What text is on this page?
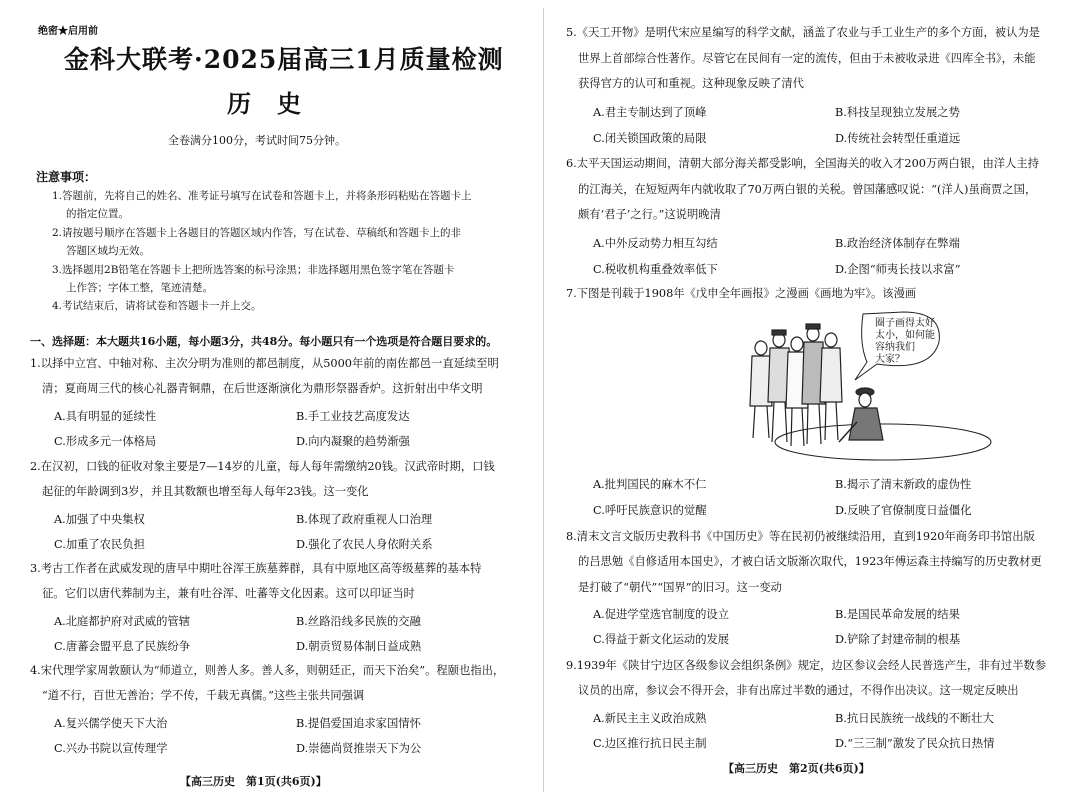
绝密★启用前
金科大联考·2025届高三1月质量检测
历史
全卷满分100分，考试时间75分钟。
注意事项：
1.答题前，先将自己的姓名、准考证号填写在试卷和答题卡上，并将条形码粘贴在答题卡上
的指定位置。
2.请按题号顺序在答题卡上各题目的答题区域内作答，写在试卷、草稿纸和答题卡上的非
答题区域均无效。
3.选择题用2B铅笔在答题卡上把所选答案的标号涂黑；非选择题用黑色签字笔在答题卡
上作答；字体工整，笔迹清楚。
4.考试结束后，请将试卷和答题卡一并上交。
一、选择题：本大题共16小题，每小题3分，共48分。每小题只有一个选项是符合题目要求的。
1.以择中立宫、中轴对称、主次分明为准则的都邑制度，从5000年前的南佐都邑一直延续至明
清；夏商周三代的核心礼器青铜鼎，在后世逐渐演化为鼎形祭器香炉。这折射出中华文明
A.具有明显的延续性	B.手工业技艺高度发达
C.形成多元一体格局	D.向内凝聚的趋势渐强
2.在汉初，口钱的征收对象主要是7—14岁的儿童，每人每年需缴纳20钱。汉武帝时期，口钱
起征的年龄调到3岁，并且其数额也增至每人每年23钱。这一变化
A.加强了中央集权	B.体现了政府重视人口治理
C.加重了农民负担	D.强化了农民人身依附关系
3.考古工作者在武威发现的唐早中期吐谷浑王族墓葬群，具有中原地区高等级墓葬的基本特
征。它们以唐代葬制为主，兼有吐谷浑、吐蕃等文化因素。这可以印证当时
A.北庭都护府对武威的管辖	B.丝路沿线多民族的交融
C.唐蕃会盟平息了民族纷争	D.朝贡贸易体制日益成熟
4.宋代理学家周敦颐认为“师道立，则善人多。善人多，则朝廷正，而天下治矣”。程颐也指出，
“道不行，百世无善治；学不传，千载无真儒。”这些主张共同强调
A.复兴儒学使天下大治	B.提倡爱国追求家国情怀
C.兴办书院以宣传理学	D.崇德尚贤推崇天下为公
【高三历史　第1页(共6页)】
5.《天工开物》是明代宋应星编写的科学文献，涵盖了农业与手工业生产的多个方面，被认为是
世界上首部综合性著作。尽管它在民间有一定的流传，但由于未被收录进《四库全书》，未能
获得官方的认可和重视。这种现象反映了清代
A.君主专制达到了顶峰	B.科技呈现独立发展之势
C.闭关锁国政策的局限	D.传统社会转型任重道远
6.太平天国运动期间，清朝大部分海关都受影响，全国海关的收入才200万两白银，由洋人主持
的江海关，在短短两年内就收取了70万两白银的关税。曾国藩感叹说：“(洋人)虽商贾之国，
颇有‘君子’之行。”这说明晚清
A.中外反动势力相互勾结	B.政治经济体制存在弊端
C.税收机构重叠效率低下	D.企图“师夷长技以求富”
7.下图是刊载于1908年《戊申全年画报》之漫画《画地为牢》。该漫画
A.批判国民的麻木不仁	B.揭示了清末新政的虚伪性
C.呼吁民族意识的觉醒	D.反映了官僚制度日益僵化
8.清末文言文版历史教科书《中国历史》等在民初仍被继续沿用，直到1920年商务印书馆出版
的吕思勉《自修适用本国史》，才被白话文版渐次取代，1923年傅运森主持编写的历史教材更
是打破了“朝代”“国界”的旧习。这一变动
A.促进学堂选官制度的设立	B.是国民革命发展的结果
C.得益于新文化运动的发展	D.铲除了封建帝制的根基
9.1939年《陕甘宁边区各级参议会组织条例》规定，边区参议会经人民普选产生，非有过半数参
议员的出席，参议会不得开会，非有出席过半数的通过，不得作出决议。这一规定反映出
A.新民主主义政治成熟	B.抗日民族统一战线的不断壮大
C.边区推行抗日民主制	D.“三三制”激发了民众抗日热情
【高三历史　第2页(共6页)】
圈子画得太好
太小，如何能
容纳我们
大家？
